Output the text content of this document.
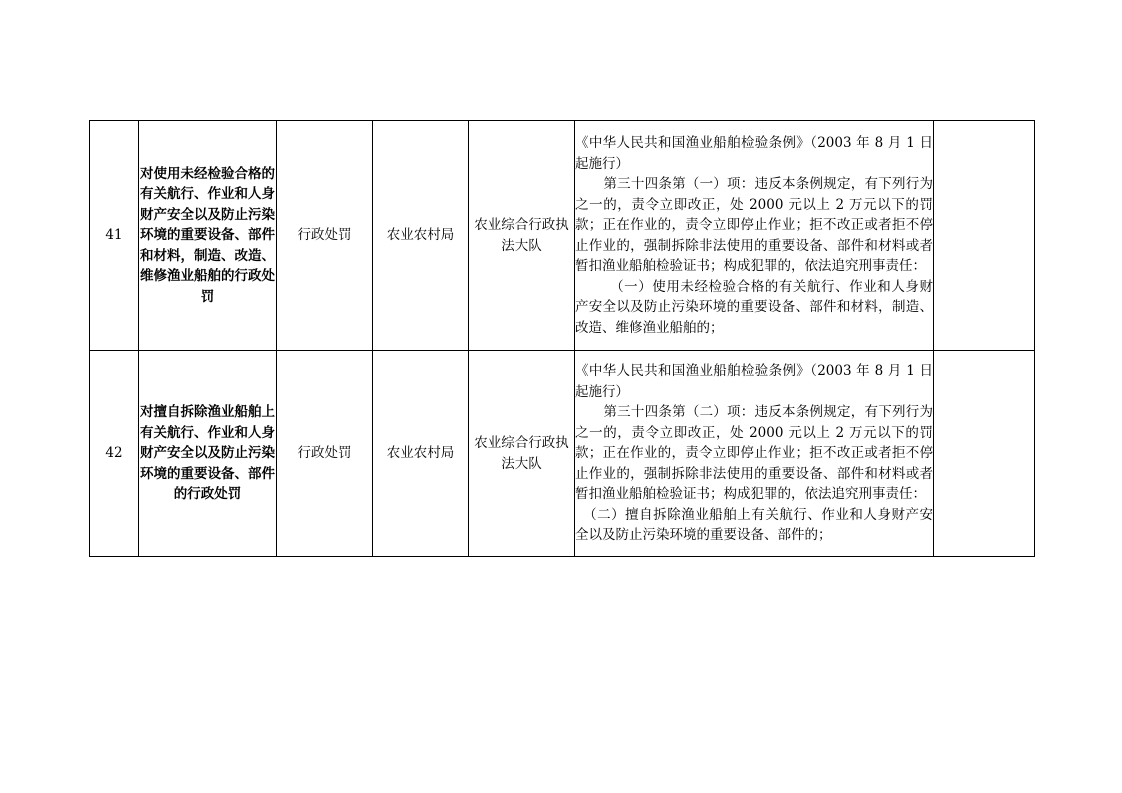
41	对使用未经检验合格的有关航行、作业和人身财产安全以及防止污染环境的重要设备、部件和材料，制造、改造、维修渔业船舶的行政处罚	行政处罚	农业农村局	农业综合行政执法大队	《中华人民共和国渔业船舶检验条例》（2003 年 8 月 1 日起施行）

第三十四条第（一）项：违反本条例规定，有下列行为之一的，责令立即改正，处 2000 元以上 2 万元以下的罚款；正在作业的，责令立即停止作业；拒不改正或者拒不停止作业的，强制拆除非法使用的重要设备、部件和材料或者暂扣渔业船舶检验证书；构成犯罪的，依法追究刑事责任：

（一）使用未经检验合格的有关航行、作业和人身财产安全以及防止污染环境的重要设备、部件和材料，制造、改造、维修渔业船舶的；	

42	对擅自拆除渔业船舶上有关航行、作业和人身财产安全以及防止污染环境的重要设备、部件的行政处罚	行政处罚	农业农村局	农业综合行政执法大队	《中华人民共和国渔业船舶检验条例》（2003 年 8 月 1 日起施行）

第三十四条第（二）项：违反本条例规定，有下列行为之一的，责令立即改正，处 2000 元以上 2 万元以下的罚款；正在作业的，责令立即停止作业；拒不改正或者拒不停止作业的，强制拆除非法使用的重要设备、部件和材料或者暂扣渔业船舶检验证书；构成犯罪的，依法追究刑事责任：

（二）擅自拆除渔业船舶上有关航行、作业和人身财产安全以及防止污染环境的重要设备、部件的；	
